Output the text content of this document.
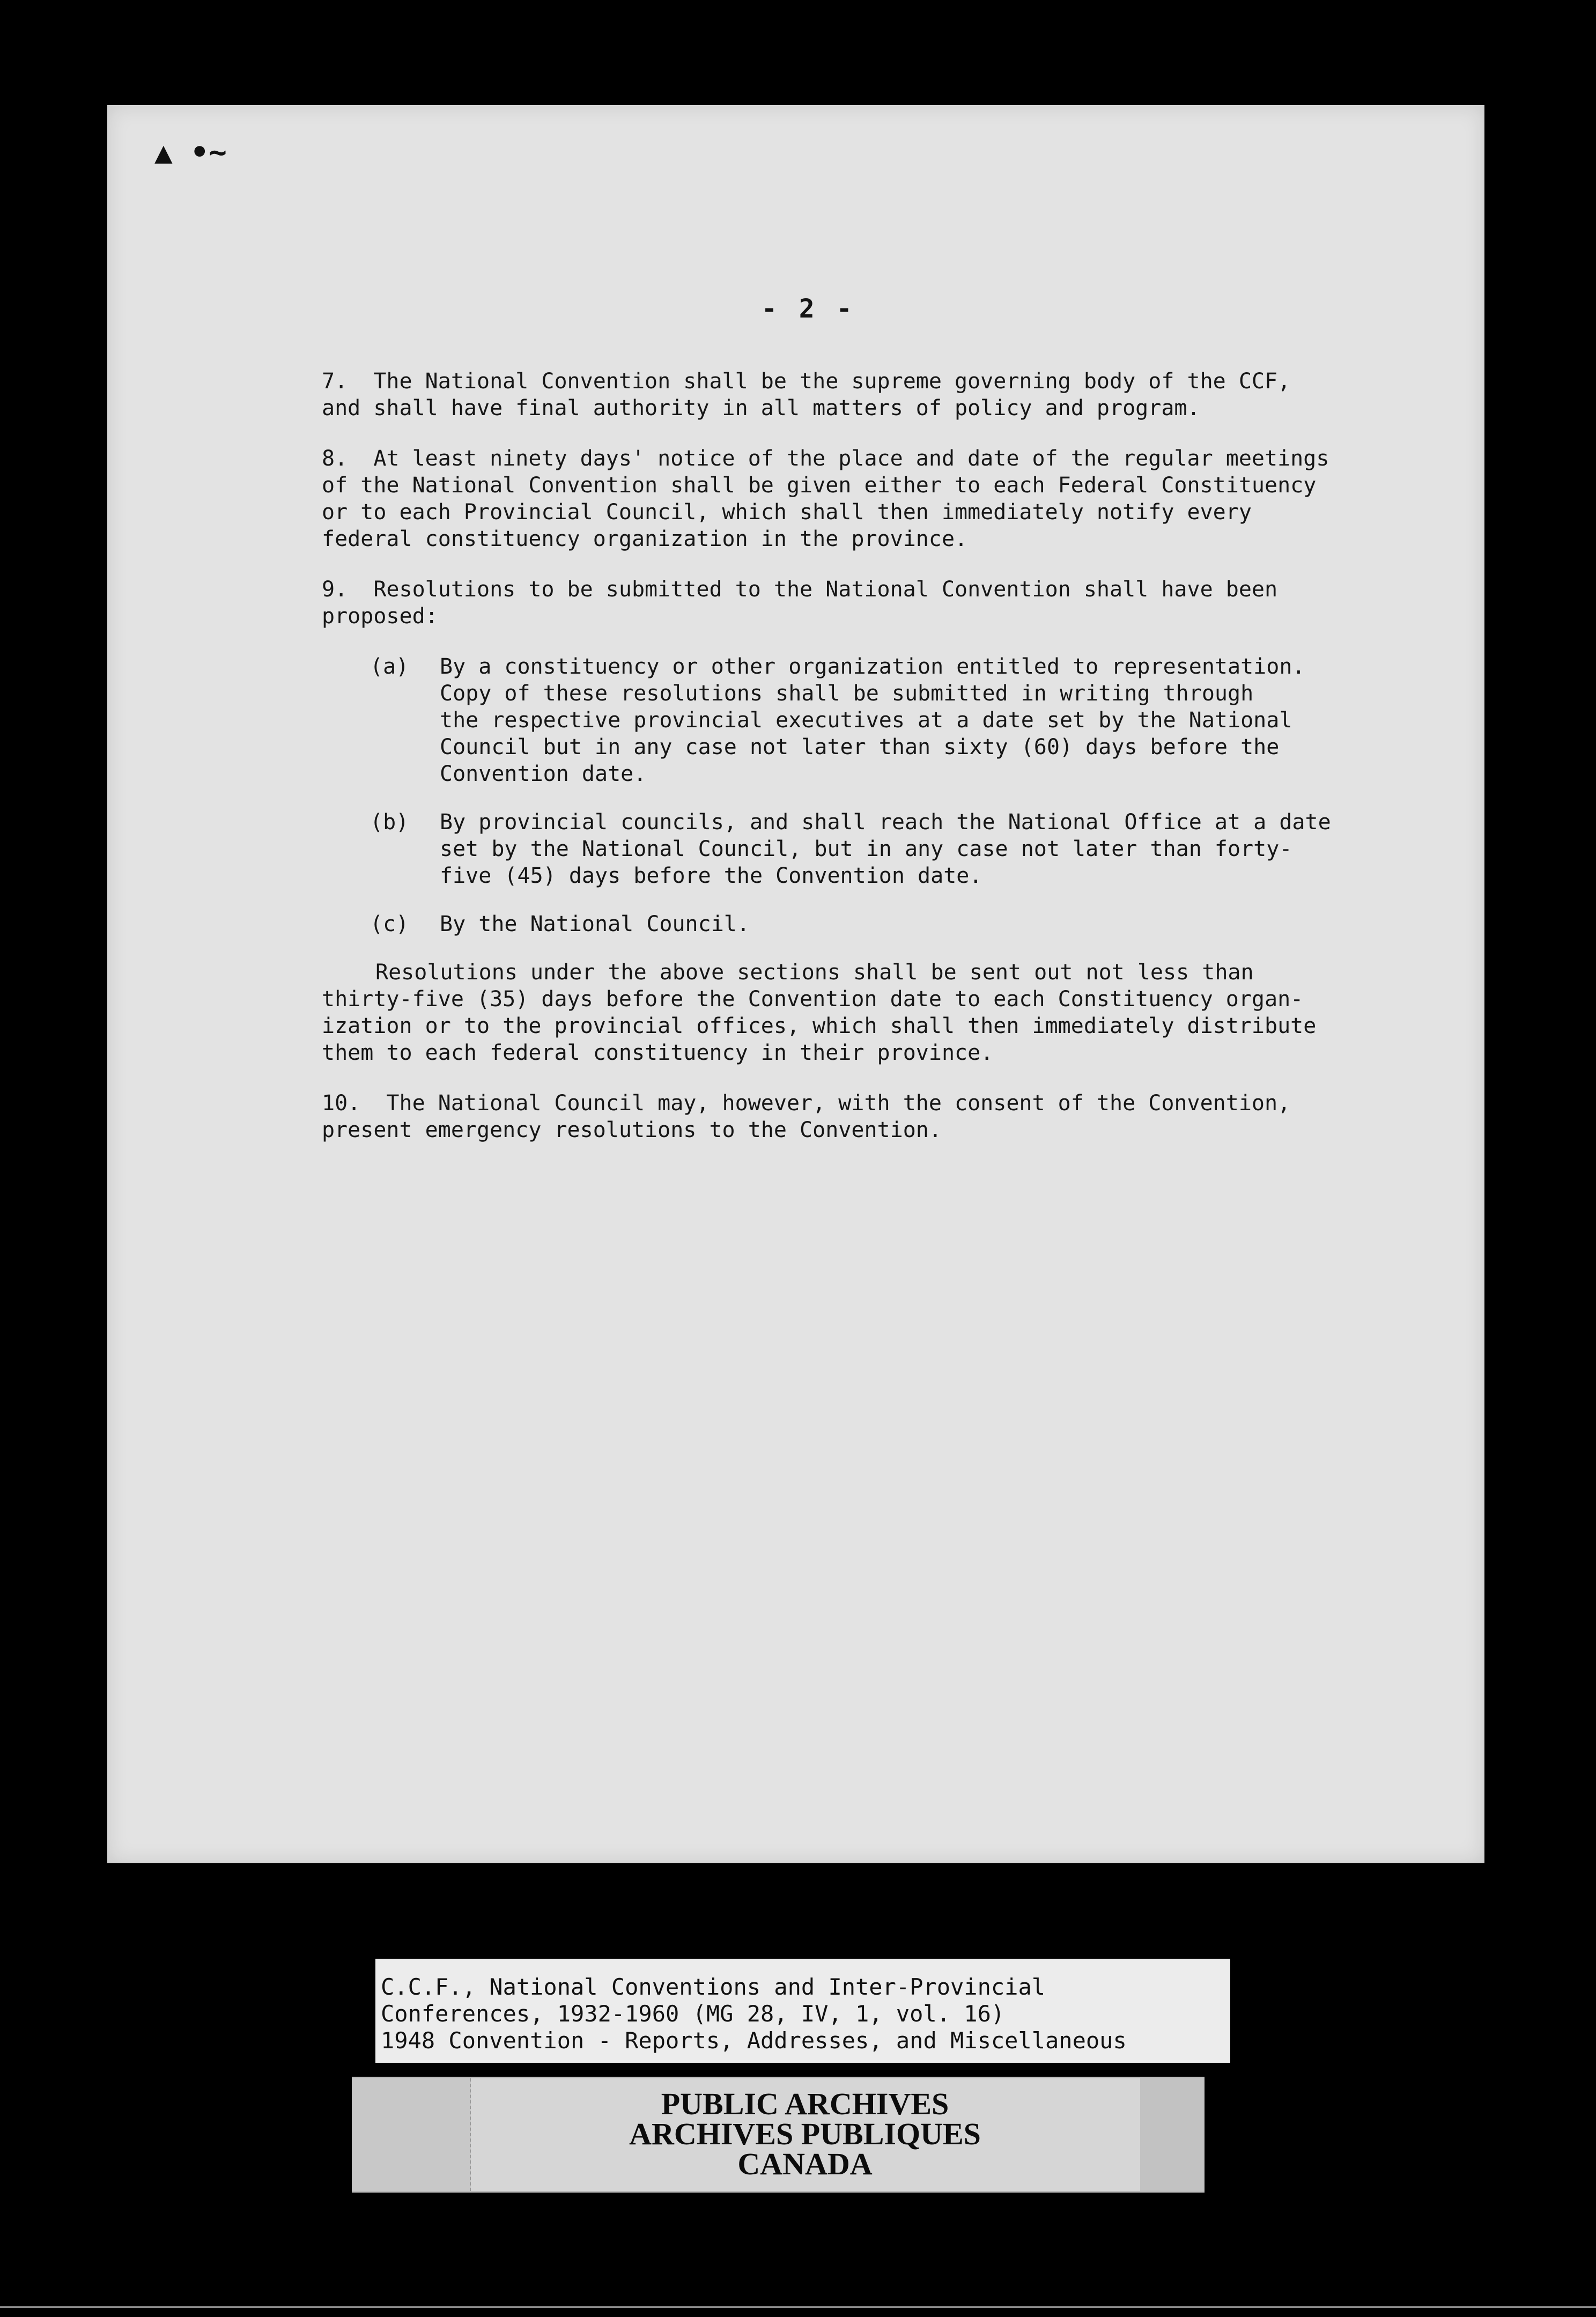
▲ •∼
- 2 -

7.  The National Convention shall be the supreme governing body of the CCF,
and shall have final authority in all matters of policy and program.

8.  At least ninety days' notice of the place and date of the regular meetings
of the National Convention shall be given either to each Federal Constituency
or to each Provincial Council, which shall then immediately notify every
federal constituency organization in the province.

9.  Resolutions to be submitted to the National Convention shall have been
proposed:

(a)	By a constituency or other organization entitled to representation.
Copy of these resolutions shall be submitted in writing through
the respective provincial executives at a date set by the National
Council but in any case not later than sixty (60) days before the
Convention date.
(b)	By provincial councils, and shall reach the National Office at a date
set by the National Council, but in any case not later than forty-
five (45) days before the Convention date.
(c)	By the National Council.

Resolutions under the above sections shall be sent out not less than
thirty-five (35) days before the Convention date to each Constituency organ-
ization or to the provincial offices, which shall then immediately distribute
them to each federal constituency in their province.

10.  The National Council may, however, with the consent of the Convention,
present emergency resolutions to the Convention.

C.C.F., National Conventions and Inter-Provincial
Conferences, 1932-1960 (MG 28, IV, 1, vol. 16)
1948 Convention - Reports, Addresses, and Miscellaneous
PUBLIC ARCHIVES
ARCHIVES PUBLIQUES
CANADA
